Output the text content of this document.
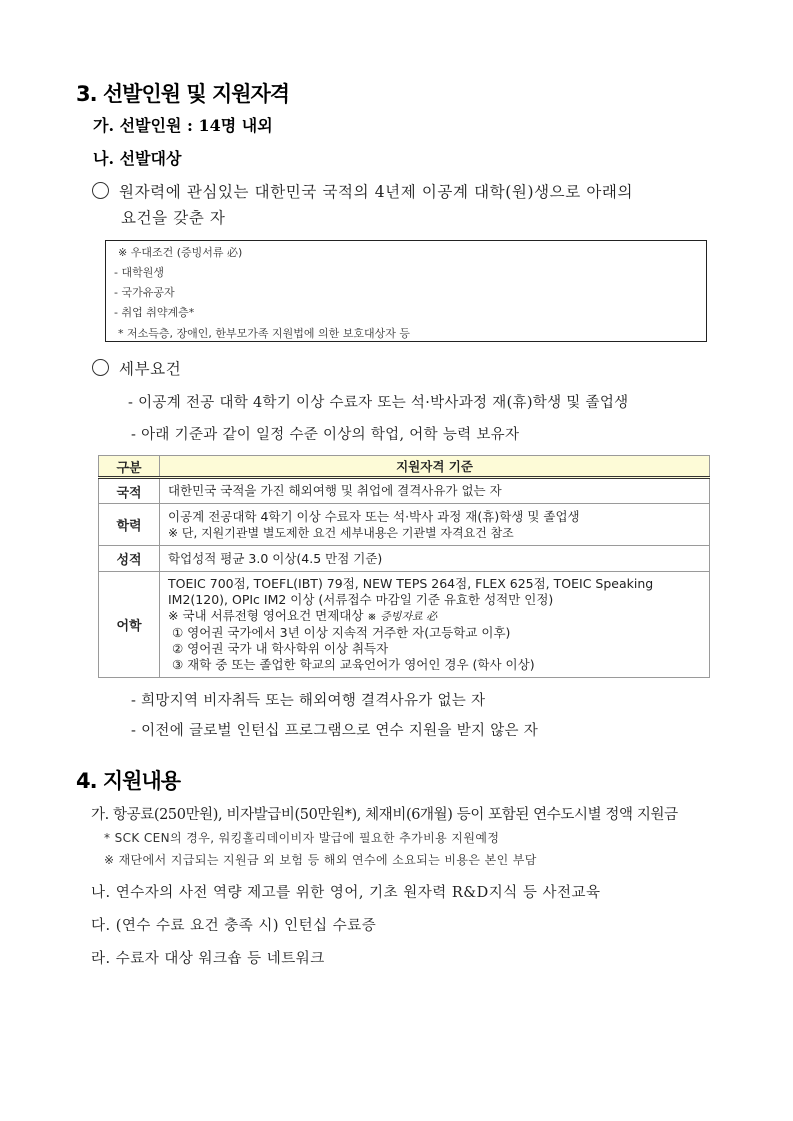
3. 선발인원 및 지원자격
가. 선발인원 : 14명 내외
나. 선발대상
원자력에 관심있는 대한민국 국적의 4년제 이공계 대학(원)생으로 아래의
요건을 갖춘 자
※ 우대조건 (증빙서류 必)
- 대학원생
- 국가유공자
- 취업 취약계층*
* 저소득층, 장애인, 한부모가족 지원법에 의한 보호대상자 등
세부요건
- 이공계 전공 대학 4학기 이상 수료자 또는 석·박사과정 재(휴)학생 및 졸업생
- 아래 기준과 같이 일정 수준 이상의 학업, 어학 능력 보유자
구분	지원자격 기준
국적	대한민국 국적을 가진 해외여행 및 취업에 결격사유가 없는 자

학력	이공계 전공대학 4학기 이상 수료자 또는 석·박사 과정 재(휴)학생 및 졸업생
※ 단, 지원기관별 별도제한 요건 세부내용은 기관별 자격요건 참조

성적	학업성적 평균 3.0 이상(4.5 만점 기준)

어학	
TOEIC 700점, TOEFL(IBT) 79점, NEW TEPS 264점, FLEX 625점, TOEIC Speaking
IM2(120), OPIc IM2 이상 (서류접수 마감일 기준 유효한 성적만 인정)
※ 국내 서류전형 영어요건 면제대상 ※ 증빙자료 必
① 영어권 국가에서 3년 이상 지속적 거주한 자(고등학교 이후)
② 영어권 국가 내 학사학위 이상 취득자
③ 재학 중 또는 졸업한 학교의 교육언어가 영어인 경우 (학사 이상)
- 희망지역 비자취득 또는 해외여행 결격사유가 없는 자
- 이전에 글로벌 인턴십 프로그램으로 연수 지원을 받지 않은 자
4. 지원내용
가. 항공료(250만원), 비자발급비(50만원*), 체재비(6개월) 등이 포함된 연수도시별 정액 지원금
* SCK CEN의 경우, 워킹홀리데이비자 발급에 필요한 추가비용 지원예정
※ 재단에서 지급되는 지원금 외 보험 등 해외 연수에 소요되는 비용은 본인 부담
나. 연수자의 사전 역량 제고를 위한 영어, 기초 원자력 R&D지식 등 사전교육
다. (연수 수료 요건 충족 시) 인턴십 수료증
라. 수료자 대상 워크숍 등 네트워크
